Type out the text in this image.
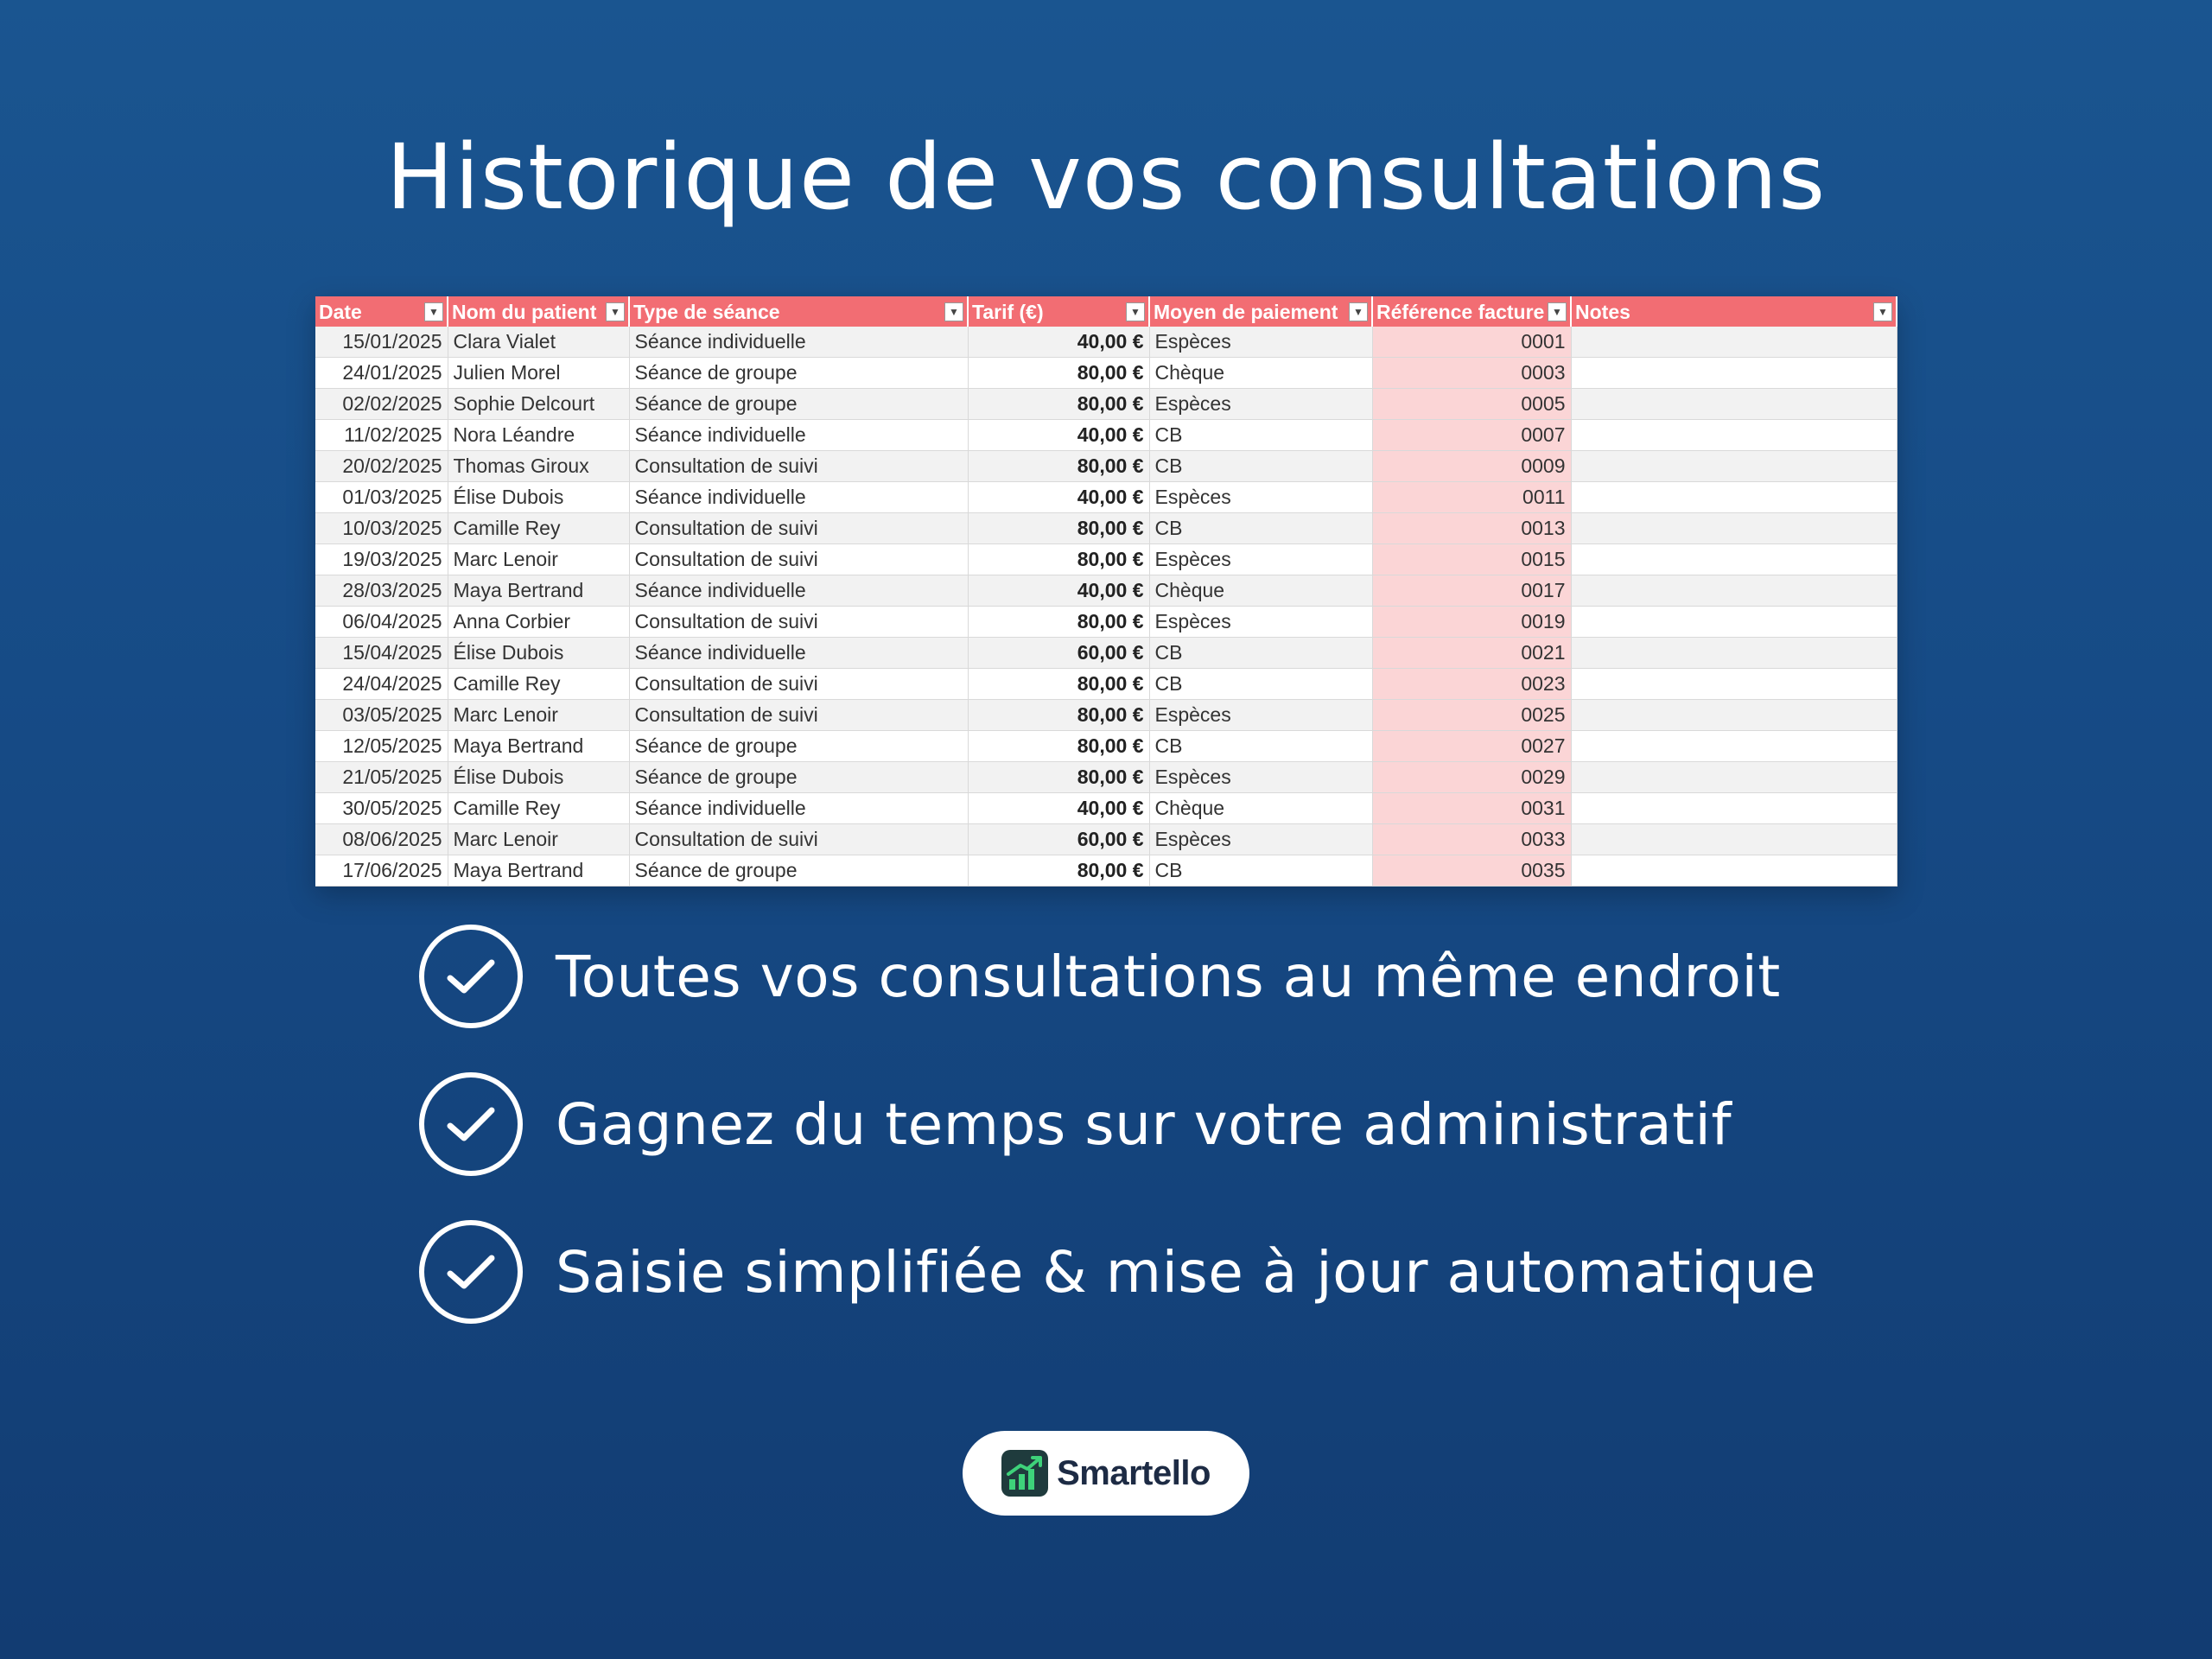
Historique de vos consultations
Date ▼	Nom du patient ▼	Type de séance ▼	Tarif (€) ▼	Moyen de paiement ▼	Référence facture ▼	Notes ▼

15/01/2025	Clara Vialet	Séance individuelle	40,00 €	Espèces	0001	
24/01/2025	Julien Morel	Séance de groupe	80,00 €	Chèque	0003	
02/02/2025	Sophie Delcourt	Séance de groupe	80,00 €	Espèces	0005	
11/02/2025	Nora Léandre	Séance individuelle	40,00 €	CB	0007	
20/02/2025	Thomas Giroux	Consultation de suivi	80,00 €	CB	0009	
01/03/2025	Élise Dubois	Séance individuelle	40,00 €	Espèces	0011	
10/03/2025	Camille Rey	Consultation de suivi	80,00 €	CB	0013	
19/03/2025	Marc Lenoir	Consultation de suivi	80,00 €	Espèces	0015	
28/03/2025	Maya Bertrand	Séance individuelle	40,00 €	Chèque	0017	
06/04/2025	Anna Corbier	Consultation de suivi	80,00 €	Espèces	0019	
15/04/2025	Élise Dubois	Séance individuelle	60,00 €	CB	0021	
24/04/2025	Camille Rey	Consultation de suivi	80,00 €	CB	0023	
03/05/2025	Marc Lenoir	Consultation de suivi	80,00 €	Espèces	0025	
12/05/2025	Maya Bertrand	Séance de groupe	80,00 €	CB	0027	
21/05/2025	Élise Dubois	Séance de groupe	80,00 €	Espèces	0029	
30/05/2025	Camille Rey	Séance individuelle	40,00 €	Chèque	0031	
08/06/2025	Marc Lenoir	Consultation de suivi	60,00 €	Espèces	0033	
17/06/2025	Maya Bertrand	Séance de groupe	80,00 €	CB	0035	
Toutes vos consultations au même endroit
Gagnez du temps sur votre administratif
Saisie simplifiée & mise à jour automatique
Smartello
